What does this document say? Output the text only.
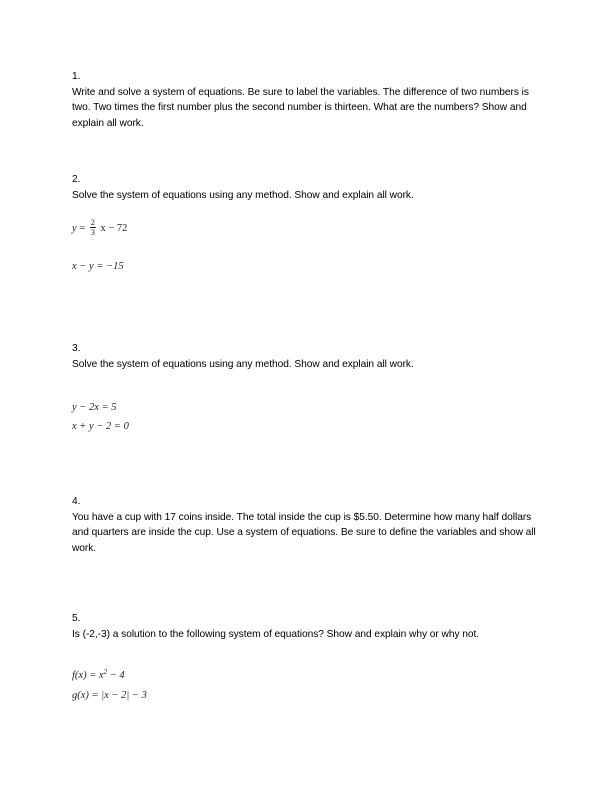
1.
Write and solve a system of equations. Be sure to label the variables. The difference of two numbers is two. Two times the first number plus the second number is thirteen. What are the numbers? Show and explain all work.
2.
Solve the system of equations using any method. Show and explain all work.
$y = \frac{2}{3}$ x − 72
x − y = −15
3.
Solve the system of equations using any method. Show and explain all work.
y − 2x = 5
x + y − 2 = 0
4.
You have a cup with 17 coins inside. The total inside the cup is $5.50. Determine how many half dollars and quarters are inside the cup. Use a system of equations. Be sure to define the variables and show all work.
5.
Is (-2,-3) a solution to the following system of equations? Show and explain why or why not.
$f(x) = x^2 - 4$
g(x) = |x − 2| − 3
